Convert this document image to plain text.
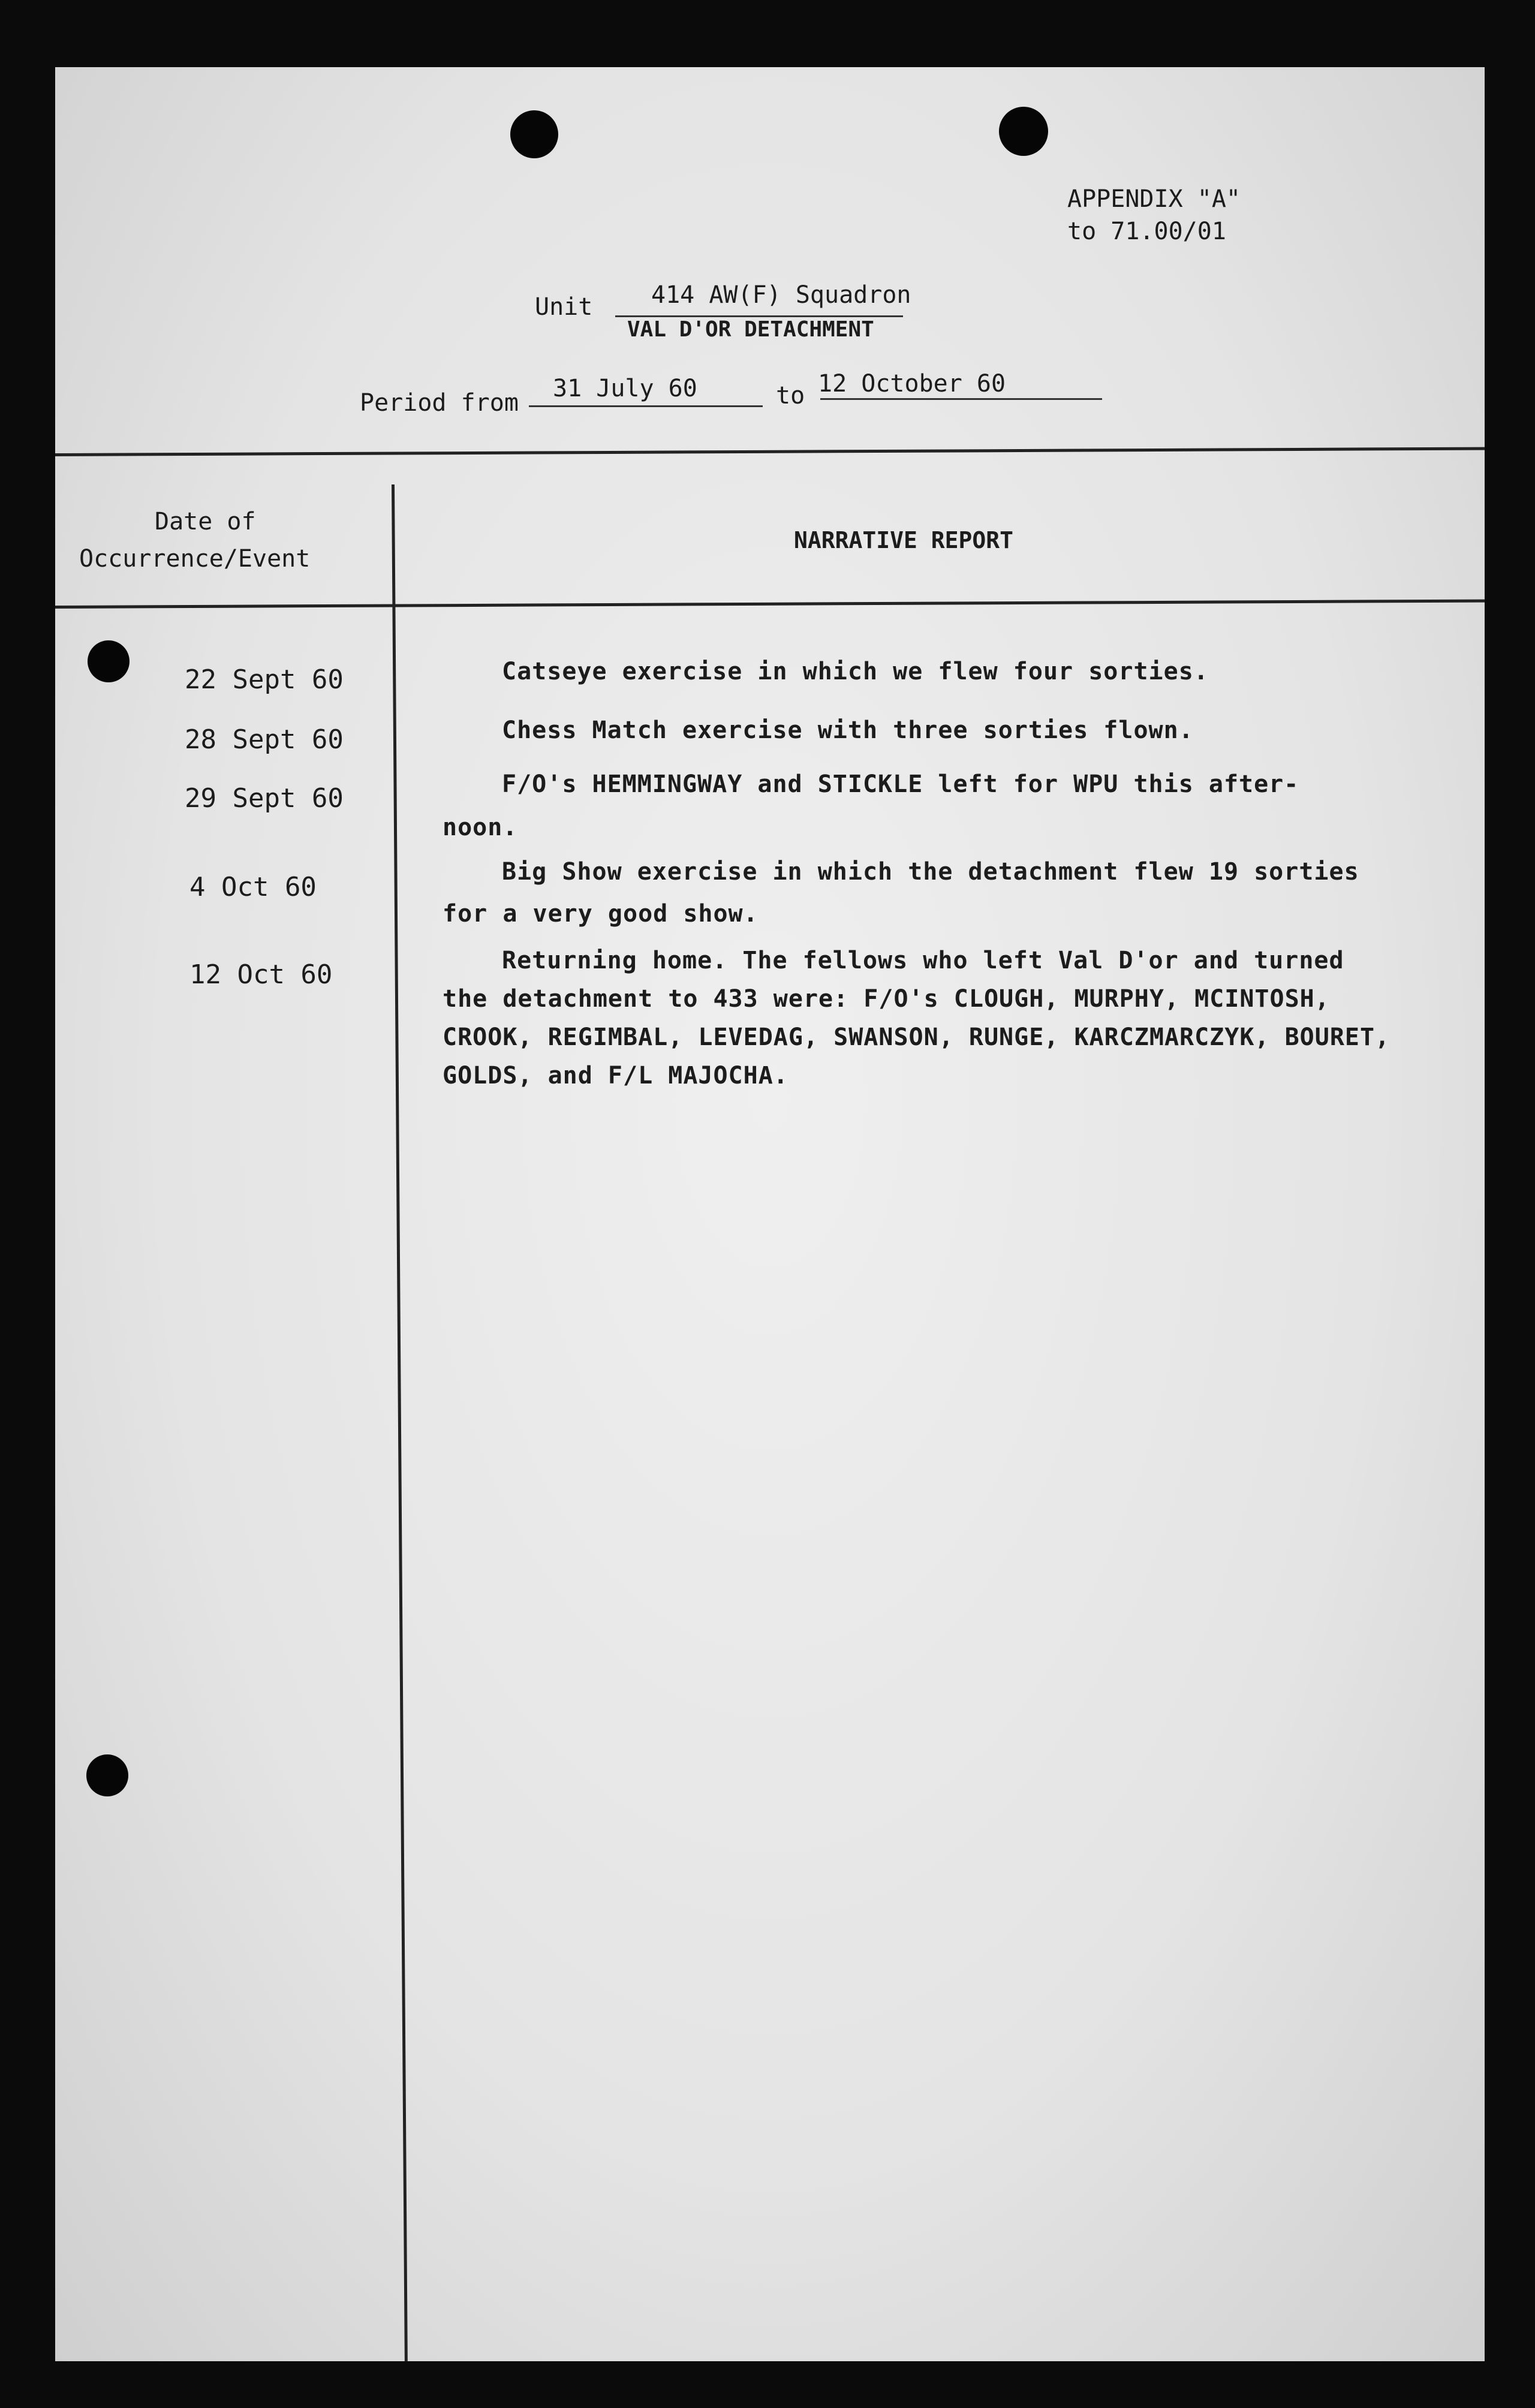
APPENDIX "A"
to 71.00/01
Unit 414 AW(F) Squadron
VAL D'OR DETACHMENT
Period from
31 July 60	to 12 October 60
Date of
Occurrence/Event
NARRATIVE REPORT
22 Sept 60	Catseye exercise in which we flew four sorties.
28 Sept 60	Chess Match exercise with three sorties flown.
29 Sept 60	F/O's HEMMINGWAY and STICKLE left for WPU this after-
noon.
4 Oct 60	Big Show exercise in which the detachment flew 19 sorties
for a very good show.
12 Oct 60	Returning home. The fellows who left Val D'or and turned
the detachment to 433 were: F/O's CLOUGH, MURPHY, MCINTOSH,
CROOK, REGIMBAL, LEVEDAG, SWANSON, RUNGE, KARCZMARCZYK, BOURET,
GOLDS, and F/L MAJOCHA.
